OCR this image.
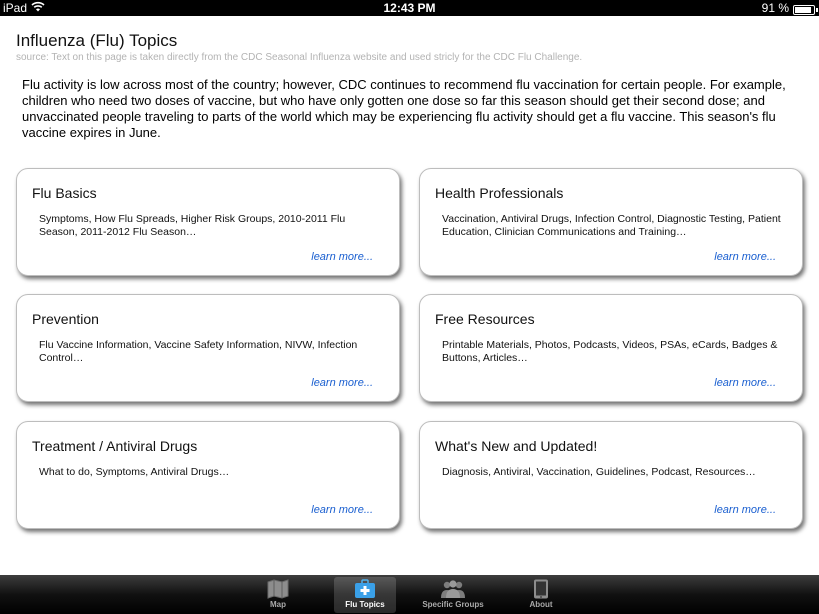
iPad	12:43 PM	91 %
Influenza (Flu) Topics
source: Text on this page is taken directly from the CDC Seasonal Influenza website and used stricly for the CDC Flu Challenge.
Flu activity is low across most of the country; however, CDC continues to recommend flu vaccination for certain people. For example, children who need two doses of vaccine, but who have only gotten one dose so far this season should get their second dose; and unvaccinated people traveling to parts of the world which may be experiencing flu activity should get a flu vaccine. This season's flu vaccine expires in June.
Flu Basics
Symptoms, How Flu Spreads, Higher Risk Groups, 2010-2011 Flu Season, 2011-2012 Flu Season…
learn more...
Health Professionals
Vaccination, Antiviral Drugs, Infection Control, Diagnostic Testing, Patient Education, Clinician Communications and Training…
learn more...
Prevention
Flu Vaccine Information, Vaccine Safety Information, NIVW, Infection Control…
learn more...
Free Resources
Printable Materials, Photos, Podcasts, Videos, PSAs, eCards, Badges & Buttons, Articles…
learn more...
Treatment / Antiviral Drugs
What to do, Symptoms, Antiviral Drugs…
learn more...
What's New and Updated!
Diagnosis, Antiviral, Vaccination, Guidelines, Podcast, Resources…
learn more...
Map	Flu Topics	Specific Groups	About
